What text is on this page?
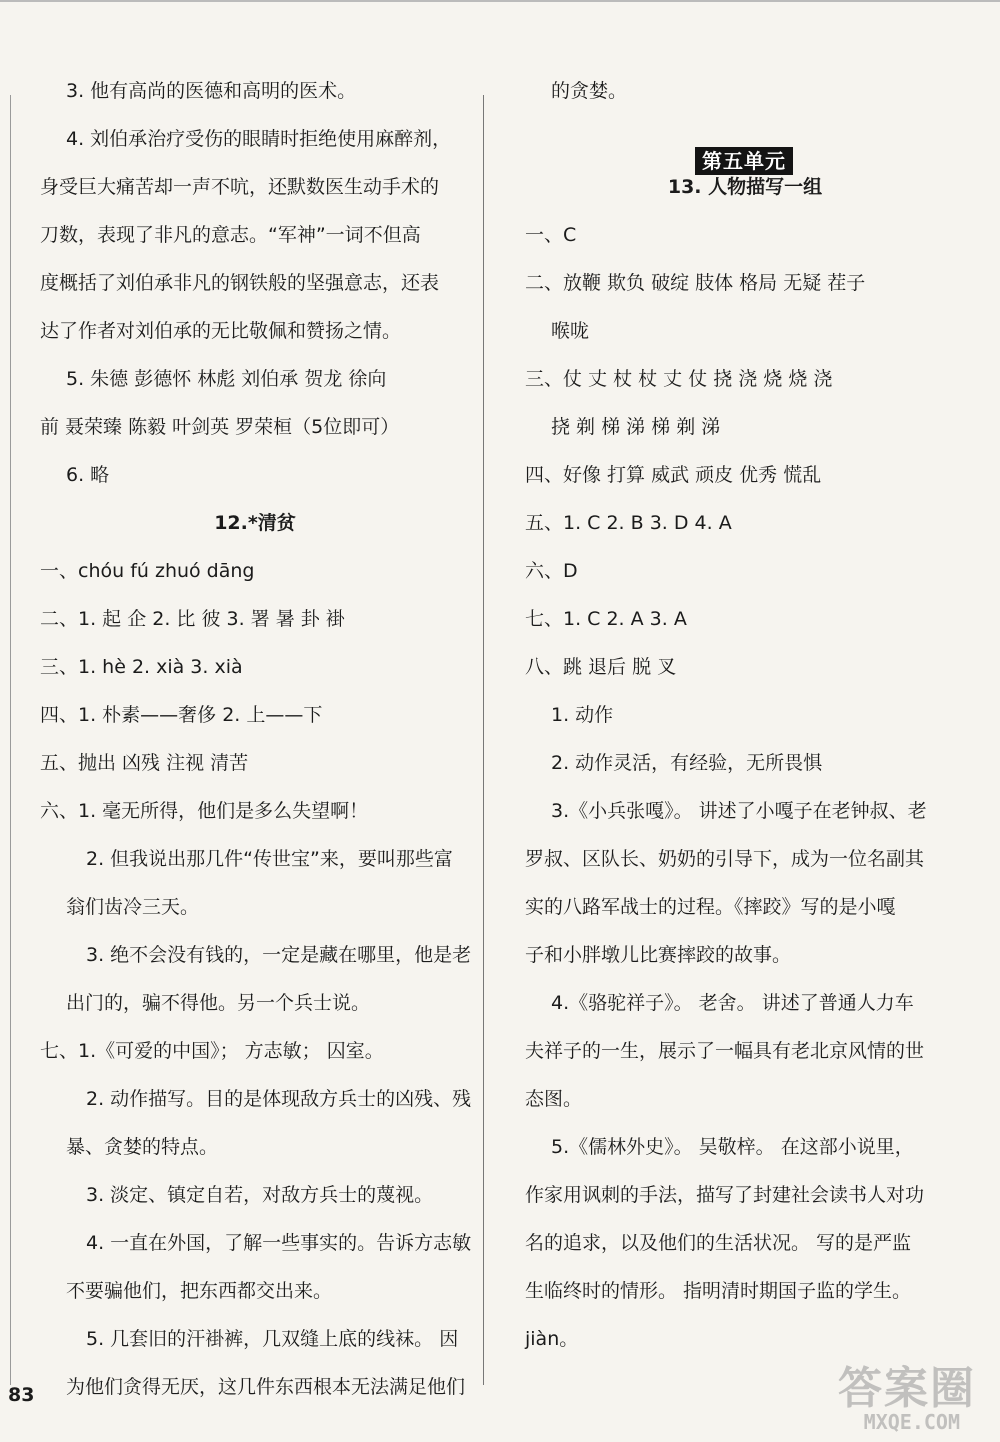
3. 他有高尚的医德和高明的医术。
4. 刘伯承治疗受伤的眼睛时拒绝使用麻醉剂，
身受巨大痛苦却一声不吭，还默数医生动手术的
刀数，表现了非凡的意志。“军神”一词不但高
度概括了刘伯承非凡的钢铁般的坚强意志，还表
达了作者对刘伯承的无比敬佩和赞扬之情。
5. 朱德 彭德怀 林彪 刘伯承 贺龙 徐向
前 聂荣臻 陈毅 叶剑英 罗荣桓（5位即可）
6. 略
12.*清贫
一、chóu fú zhuó dāng
二、1. 起 企 2. 比 彼 3. 署 暑 卦 褂
三、1. hè 2. xià 3. xià
四、1. 朴素——奢侈 2. 上——下
五、抛出 凶残 注视 清苦
六、1. 毫无所得，他们是多么失望啊！
2. 但我说出那几件“传世宝”来，要叫那些富
翁们齿冷三天。
3. 绝不会没有钱的，一定是藏在哪里，他是老
出门的，骗不得他。另一个兵士说。
七、1.《可爱的中国》； 方志敏； 囚室。
2. 动作描写。目的是体现敌方兵士的凶残、残
暴、贪婪的特点。
3. 淡定、镇定自若，对敌方兵士的蔑视。
4. 一直在外国，了解一些事实的。告诉方志敏
不要骗他们，把东西都交出来。
5. 几套旧的汗褂裤，几双缝上底的线袜。 因
为他们贪得无厌，这几件东西根本无法满足他们
的贪婪。
13. 人物描写一组
一、C
二、放鞭 欺负 破绽 肢体 格局 无疑 茬子
喉咙
三、仗 丈 杖 杖 丈 仗 挠 浇 烧 烧 浇
挠 剃 梯 涕 梯 剃 涕
四、好像 打算 威武 顽皮 优秀 慌乱
五、1. C 2. B 3. D 4. A
六、D
七、1. C 2. A 3. A
八、跳 退后 脱 叉
1. 动作
2. 动作灵活，有经验，无所畏惧
3.《小兵张嘎》。 讲述了小嘎子在老钟叔、老
罗叔、区队长、奶奶的引导下，成为一位名副其
实的八路军战士的过程。《摔跤》写的是小嘎
子和小胖墩儿比赛摔跤的故事。
4.《骆驼祥子》。 老舍。 讲述了普通人力车
夫祥子的一生，展示了一幅具有老北京风情的世
态图。
5.《儒林外史》。 吴敬梓。 在这部小说里，
作家用讽刺的手法，描写了封建社会读书人对功
名的追求，以及他们的生活状况。 写的是严监
生临终时的情形。 指明清时期国子监的学生。
jiàn。
第五单元
83	答案圈
MXQE.COM
